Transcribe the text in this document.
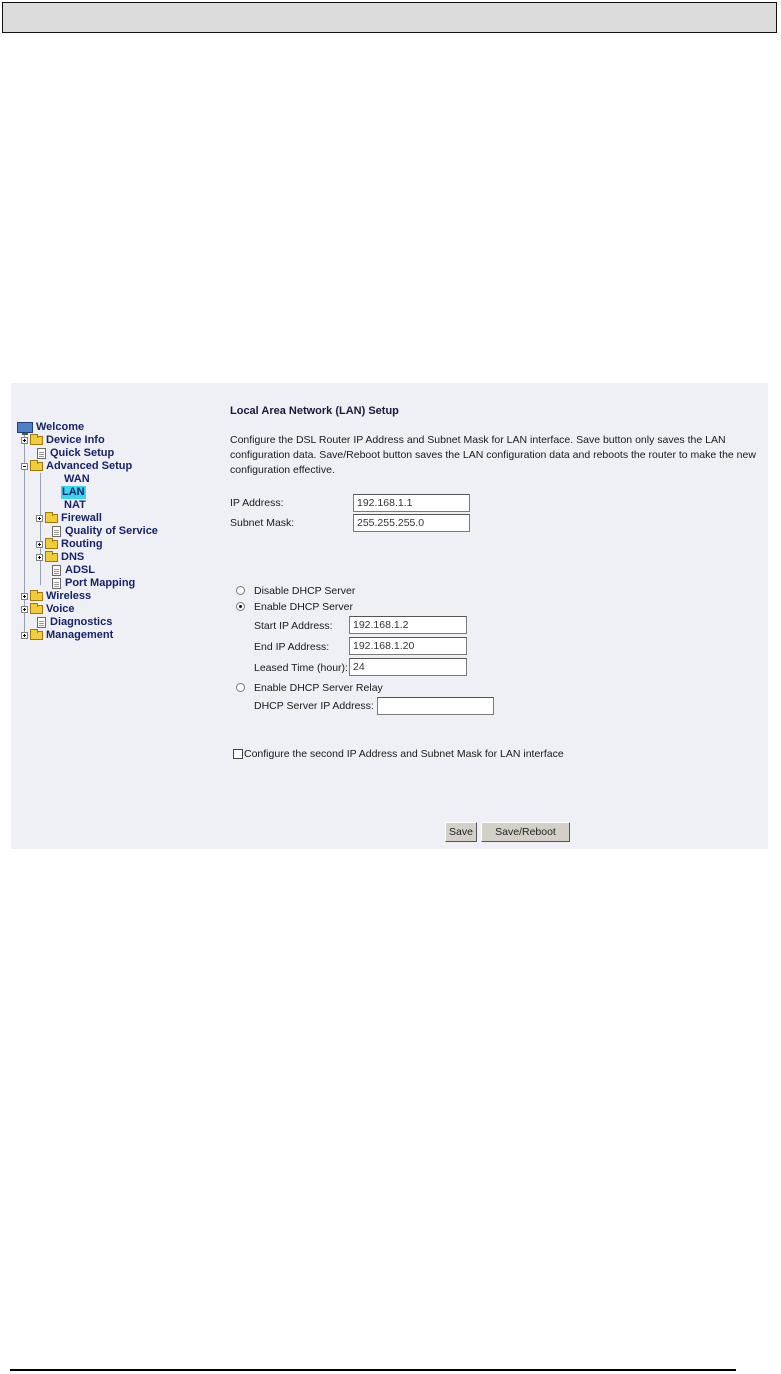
Welcome
Device Info
Quick Setup
Advanced Setup
WAN
LAN
NAT
Firewall
Quality of Service
Routing
DNS
ADSL
Port Mapping
Wireless
Voice
Diagnostics
Management
Local Area Network (LAN) Setup
Configure the DSL Router IP Address and Subnet Mask for LAN interface. Save button only saves the LAN configuration data. Save/Reboot button saves the LAN configuration data and reboots the router to make the new configuration effective.
IP Address:
192.168.1.1
Subnet Mask:
255.255.255.0
Disable DHCP Server
Enable DHCP Server
Start IP Address:
192.168.1.2
End IP Address:
192.168.1.20
Leased Time (hour):
24
Enable DHCP Server Relay
DHCP Server IP Address:
Configure the second IP Address and Subnet Mask for LAN interface
Save	Save/Reboot
